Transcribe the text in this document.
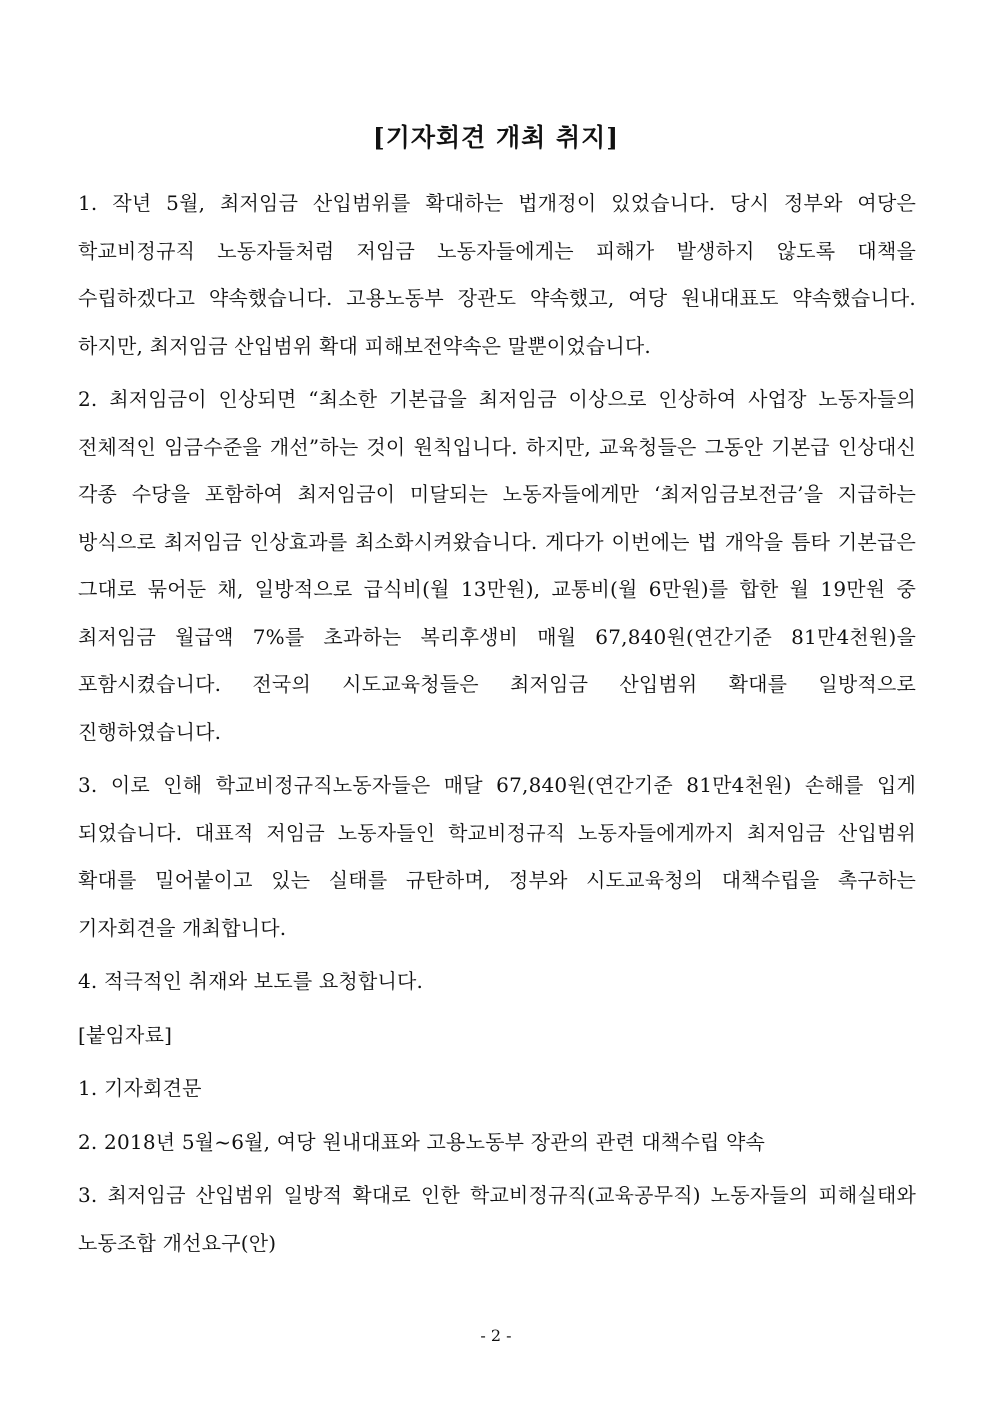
[기자회견 개최 취지]

1. 작년 5월, 최저임금 산입범위를 확대하는 법개정이 있었습니다. 당시 정부와 여당은 학교비정규직 노동자들처럼 저임금 노동자들에게는 피해가 발생하지 않도록 대책을 수립하겠다고 약속했습니다. 고용노동부 장관도 약속했고, 여당 원내대표도 약속했습니다. 하지만, 최저임금 산입범위 확대 피해보전약속은 말뿐이었습니다.

2. 최저임금이 인상되면 “최소한 기본급을 최저임금 이상으로 인상하여 사업장 노동자들의 전체적인 임금수준을 개선”하는 것이 원칙입니다. 하지만, 교육청들은 그동안 기본급 인상대신 각종 수당을 포함하여 최저임금이 미달되는 노동자들에게만 ‘최저임금보전금’을 지급하는 방식으로 최저임금 인상효과를 최소화시켜왔습니다. 게다가 이번에는 법 개악을 틈타 기본급은 그대로 묶어둔 채, 일방적으로 급식비(월 13만원), 교통비(월 6만원)를 합한 월 19만원 중 최저임금 월급액 7%를 초과하는 복리후생비 매월 67,840원(연간기준 81만4천원)을 포함시켰습니다. 전국의 시도교육청들은 최저임금 산입범위 확대를 일방적으로 진행하였습니다.

3. 이로 인해 학교비정규직노동자들은 매달 67,840원(연간기준 81만4천원) 손해를 입게 되었습니다. 대표적 저임금 노동자들인 학교비정규직 노동자들에게까지 최저임금 산입범위 확대를 밀어붙이고 있는 실태를 규탄하며, 정부와 시도교육청의 대책수립을 촉구하는 기자회견을 개최합니다.

4. 적극적인 취재와 보도를 요청합니다.

[붙임자료]

1. 기자회견문

2. 2018년 5월~6월, 여당 원내대표와 고용노동부 장관의 관련 대책수립 약속

3. 최저임금 산입범위 일방적 확대로 인한 학교비정규직(교육공무직) 노동자들의 피해실태와 노동조합 개선요구(안)

- 2 -
